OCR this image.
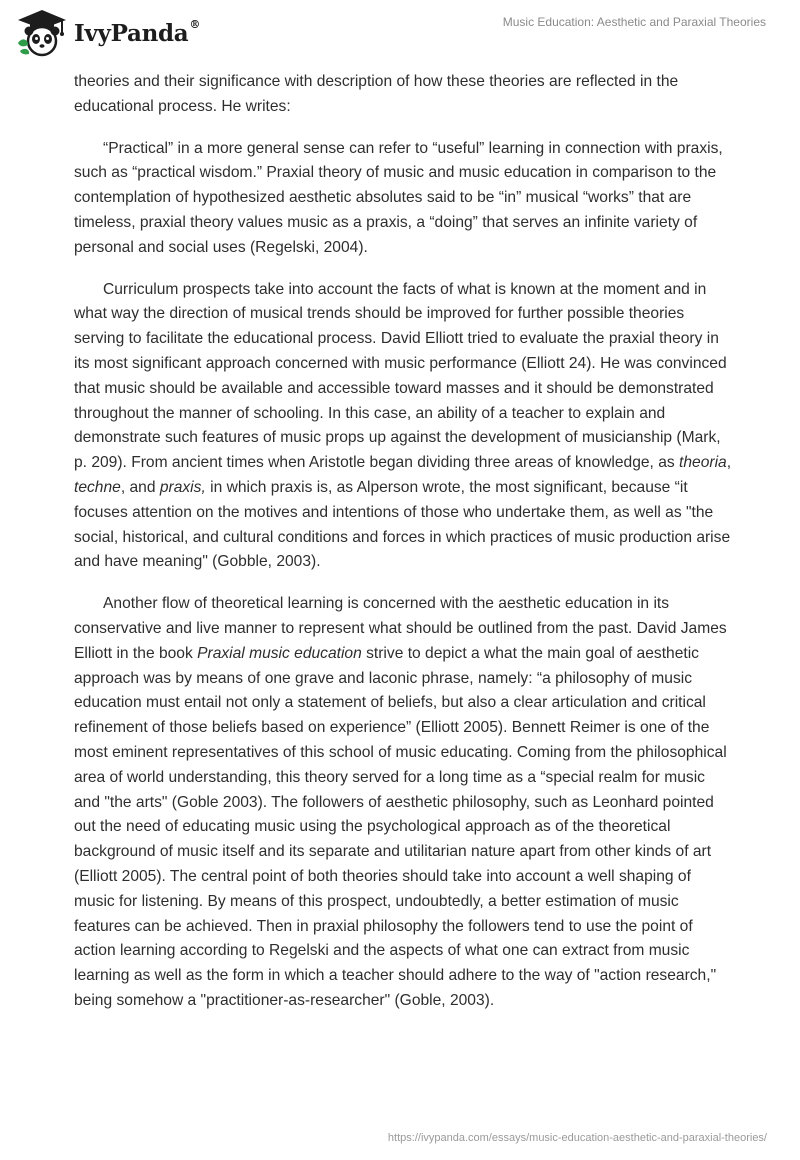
IvyPanda®	Music Education: Aesthetic and Paraxial Theories

theories and their significance with description of how these theories are reflected in the educational process. He writes:

“Practical” in a more general sense can refer to “useful” learning in connection with praxis, such as “practical wisdom.” Praxial theory of music and music education in comparison to the contemplation of hypothesized aesthetic absolutes said to be “in” musical “works” that are timeless, praxial theory values music as a praxis, a “doing” that serves an infinite variety of personal and social uses (Regelski, 2004).

Curriculum prospects take into account the facts of what is known at the moment and in what way the direction of musical trends should be improved for further possible theories serving to facilitate the educational process. David Elliott tried to evaluate the praxial theory in its most significant approach concerned with music performance (Elliott 24). He was convinced that music should be available and accessible toward masses and it should be demonstrated throughout the manner of schooling. In this case, an ability of a teacher to explain and demonstrate such features of music props up against the development of musicianship (Mark, p. 209). From ancient times when Aristotle began dividing three areas of knowledge, as theoria, techne, and praxis, in which praxis is, as Alperson wrote, the most significant, because “it focuses attention on the motives and intentions of those who undertake them, as well as "the social, historical, and cultural conditions and forces in which practices of music production arise and have meaning" (Gobble, 2003).

Another flow of theoretical learning is concerned with the aesthetic education in its conservative and live manner to represent what should be outlined from the past. David James Elliott in the book Praxial music education strive to depict a what the main goal of aesthetic approach was by means of one grave and laconic phrase, namely: “a philosophy of music education must entail not only a statement of beliefs, but also a clear articulation and critical refinement of those beliefs based on experience” (Elliott 2005). Bennett Reimer is one of the most eminent representatives of this school of music educating. Coming from the philosophical area of world understanding, this theory served for a long time as a “special realm for music and "the arts" (Goble 2003). The followers of aesthetic philosophy, such as Leonhard pointed out the need of educating music using the psychological approach as of the theoretical background of music itself and its separate and utilitarian nature apart from other kinds of art (Elliott 2005). The central point of both theories should take into account a well shaping of music for listening. By means of this prospect, undoubtedly, a better estimation of music features can be achieved. Then in praxial philosophy the followers tend to use the point of action learning according to Regelski and the aspects of what one can extract from music learning as well as the form in which a teacher should adhere to the way of "action research," being somehow a "practitioner-as-researcher" (Goble, 2003).

https://ivypanda.com/essays/music-education-aesthetic-and-paraxial-theories/
